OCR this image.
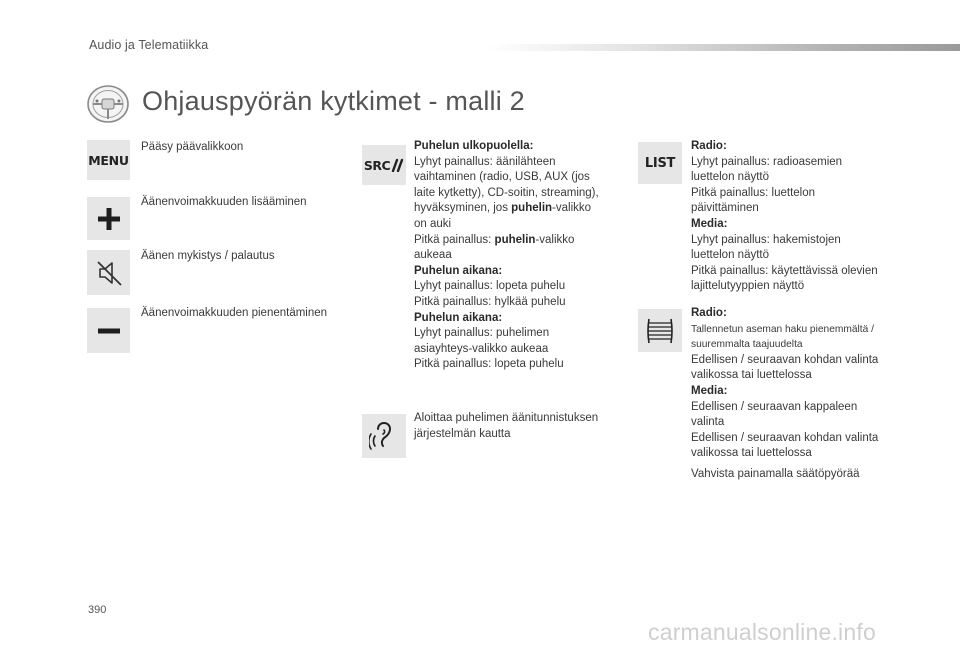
Audio ja Telematiikka
Ohjauspyörän kytkimet - malli 2
MENU
Pääsy päävalikkoon
Äänenvoimakkuuden lisääminen
Äänen mykistys / palautus
Äänenvoimakkuuden pienentäminen
SRC
Puhelun ulkopuolella:
Lyhyt painallus: äänilähteen
vaihtaminen (radio, USB, AUX (jos
laite kytketty), CD-soitin, streaming),
hyväksyminen, jos puhelin-valikko
on auki
Pitkä painallus: puhelin-valikko
aukeaa
Puhelun aikana:
Lyhyt painallus: lopeta puhelu
Pitkä painallus: hylkää puhelu
Puhelun aikana:
Lyhyt painallus: puhelimen
asiayhteys-valikko aukeaa
Pitkä painallus: lopeta puhelu
Aloittaa puhelimen äänitunnistuksen
järjestelmän kautta
LIST
Radio:
Lyhyt painallus: radioasemien
luettelon näyttö
Pitkä painallus: luettelon
päivittäminen
Media:
Lyhyt painallus: hakemistojen
luettelon näyttö
Pitkä painallus: käytettävissä olevien
lajittelutyyppien näyttö
Radio:
Tallennetun aseman haku pienemmältä /
suuremmalta taajuudelta
Edellisen / seuraavan kohdan valinta
valikossa tai luettelossa
Media:
Edellisen / seuraavan kappaleen
valinta
Edellisen / seuraavan kohdan valinta
valikossa tai luettelossa
Vahvista painamalla säätöpyörää
390
carmanualsonline.info
